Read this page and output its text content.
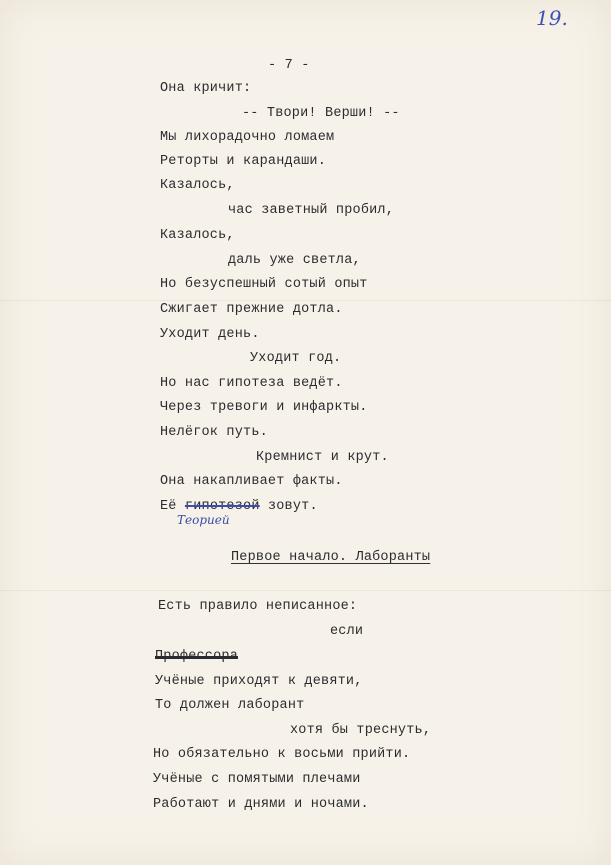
19.
- 7 -
Она кричит:
-- Твори! Верши! --
Мы лихорадочно ломаем
Реторты и карандаши.
Казалось,
час заветный пробил,
Казалось,
даль уже светла,
Но безуспешный сотый опыт
Сжигает прежние дотла.
Уходит день.
Уходит год.
Но нас гипотеза ведёт.
Через тревоги и инфаркты.
Нелёгок путь.
Кремнист и крут.
Она накапливает факты.
Её гипотезой зовут.
Теорией
Первое начало. Лаборанты
Есть правило неписанное:
если
Профессора
Учёные приходят к девяти,
То должен лаборант
хотя бы треснуть,
Но обязательно к восьми прийти.
Учёные с помятыми плечами
Работают и днями и ночами.
